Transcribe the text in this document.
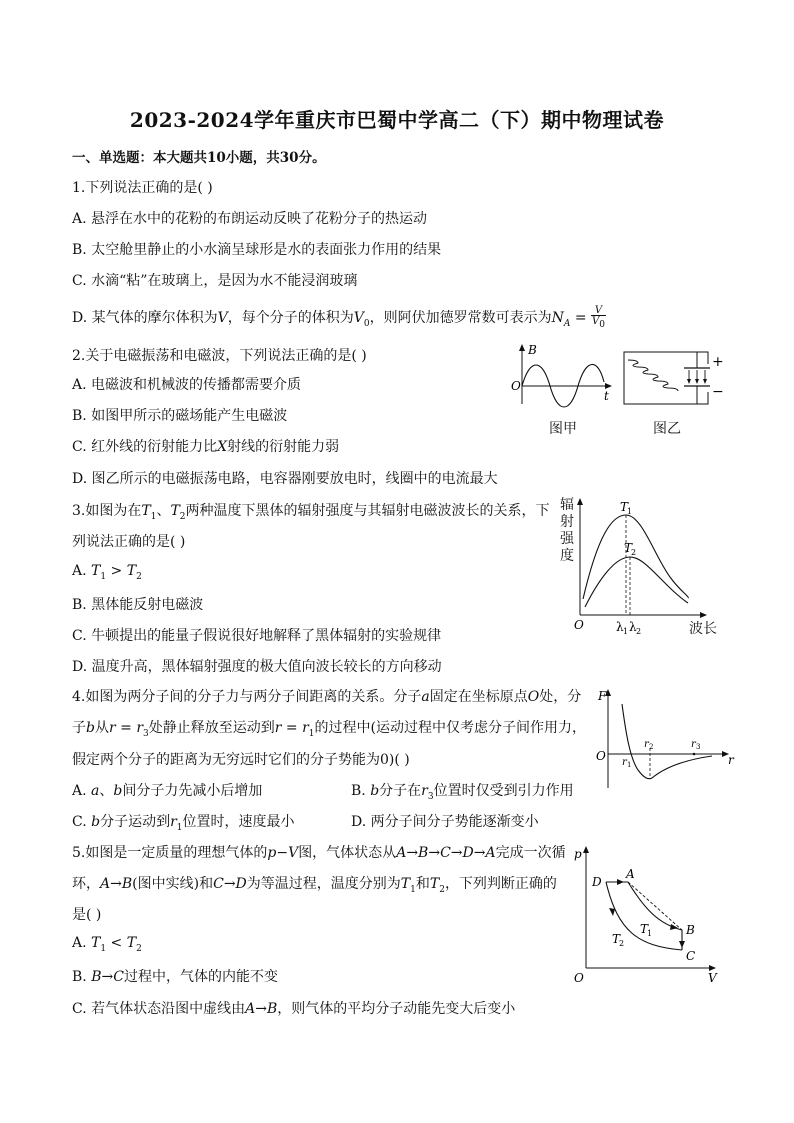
2023-2024学年重庆市巴蜀中学高二（下）期中物理试卷
一、单选题：本大题共10小题，共30分。
1.下列说法正确的是( )
A. 悬浮在水中的花粉的布朗运动反映了花粉分子的热运动
B. 太空舱里静止的小水滴呈球形是水的表面张力作用的结果
C. 水滴“粘”在玻璃上，是因为水不能浸润玻璃
D. 某气体的摩尔体积为V，每个分子的体积为$V_0$，则阿伏加德罗常数可表示为$N_A = \frac{V}{V_0}$
2.关于电磁振荡和电磁波，下列说法正确的是( )
A. 电磁波和机械波的传播都需要介质
B. 如图甲所示的磁场能产生电磁波
C. 红外线的衍射能力比X射线的衍射能力弱
D. 图乙所示的电磁振荡电路，电容器刚要放电时，线圈中的电流最大
B
O
t
图甲
+
−
图乙
3.如图为在$T_1$、$T_2$两种温度下黑体的辐射强度与其辐射电磁波波长的关系，下
列说法正确的是( )
A. $T_1 > T_2$
B. 黑体能反射电磁波
C. 牛顿提出的能量子假说很好地解释了黑体辐射的实验规律
D. 温度升高，黑体辐射强度的极大值向波长较长的方向移动
辐
射
强
度
T
1
T
2
O	λ 1 λ 2	波长
4.如图为两分子间的分子力与两分子间距离的关系。分子a固定在坐标原点O处，分
子b从$r = r_3$处静止释放至运动到$r = r_1$的过程中(运动过程中仅考虑分子间作用力，
假定两个分子的距离为无穷远时它们的分子势能为0)( )
A. a、b间分子力先减小后增加	B. b分子在$r_3$位置时仅受到引力作用
C. b分子运动到$r_1$位置时，速度最小	D. 两分子间分子势能逐渐变小
F
O r 1
r 2	r 3
r
5.如图是一定质量的理想气体的p−V图，气体状态从A→B→C→D→A完成一次循
环，A→B(图中实线)和C→D为等温过程，温度分别为$T_1$和$T_2$，下列判断正确的
是( )
A. $T_1 < T_2$
B. B→C过程中，气体的内能不变
C. 若气体状态沿图中虚线由A→B，则气体的平均分子动能先变大后变小
p
O	V
A
D
B
C
T
1
T
2
